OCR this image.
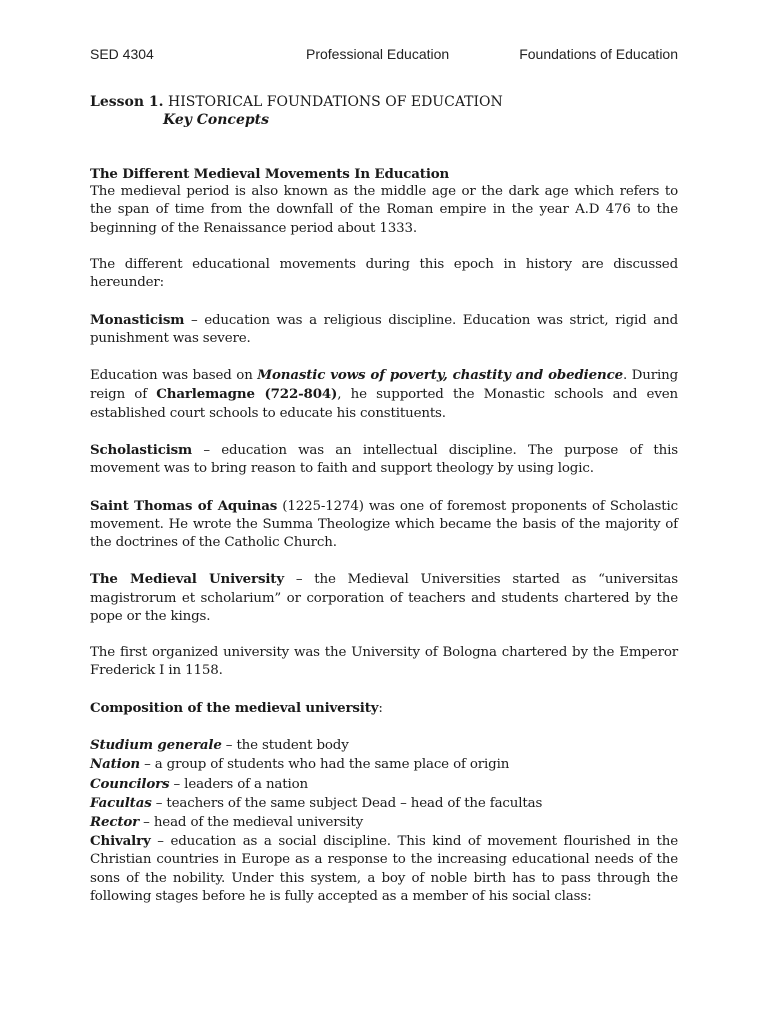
SED 4304	Professional Education	Foundations of Education
Lesson 1. HISTORICAL FOUNDATIONS OF EDUCATION
Key Concepts
The Different Medieval Movements In Education

The medieval period is also known as the middle age or the dark age which refers to the span of time from the downfall of the Roman empire in the year A.D 476 to the beginning of the Renaissance period about 1333.

The different educational movements during this epoch in history are discussed hereunder:

Monasticism – education was a religious discipline. Education was strict, rigid and punishment was severe.

Education was based on Monastic vows of poverty, chastity and obedience. During reign of Charlemagne (722-804), he supported the Monastic schools and even established court schools to educate his constituents.

Scholasticism – education was an intellectual discipline. The purpose of this movement was to bring reason to faith and support theology by using logic.

Saint Thomas of Aquinas (1225-1274) was one of foremost proponents of Scholastic movement. He wrote the Summa Theologize which became the basis of the majority of the doctrines of the Catholic Church.

The Medieval University – the Medieval Universities started as “universitas magistrorum et scholarium” or corporation of teachers and students chartered by the pope or the kings.

The first organized university was the University of Bologna chartered by the Emperor Frederick I in 1158.

Composition of the medieval university:

Studium generale – the student body

Nation – a group of students who had the same place of origin

Councilors – leaders of a nation

Facultas – teachers of the same subject Dead – head of the facultas

Rector – head of the medieval university

Chivalry – education as a social discipline. This kind of movement flourished in the Christian countries in Europe as a response to the increasing educational needs of the sons of the nobility. Under this system, a boy of noble birth has to pass through the following stages before he is fully accepted as a member of his social class:
